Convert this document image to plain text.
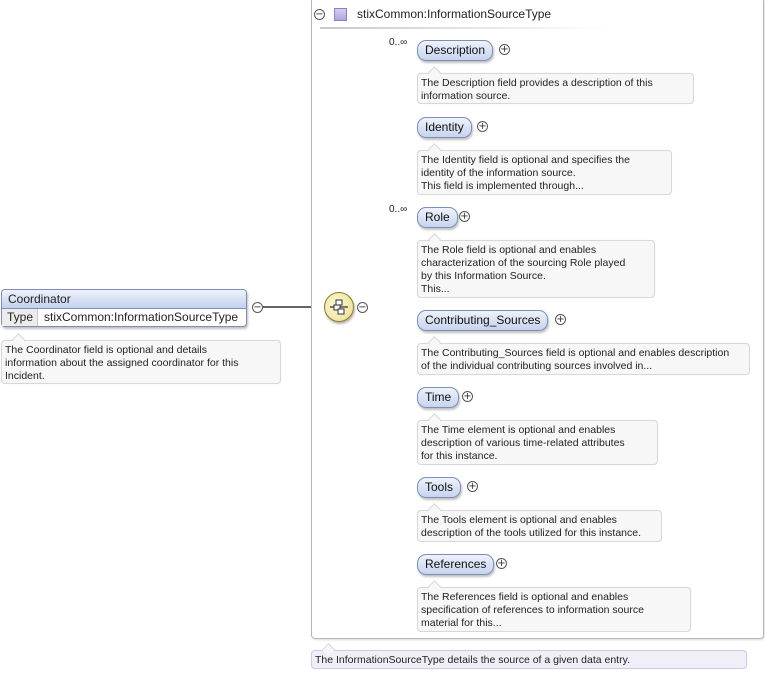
−	stixCommon:InformationSourceType
Coordinator
Type stixCommon:InformationSourceType
−
The Coordinator field is optional and details
information about the assigned coordinator for this
Incident.
−
0..∞
Description	+
The Description field provides a description of this
information source.
Identity	+
The Identity field is optional and specifies the
identity of the information source.
This field is implemented through...
0..∞
Role	+
The Role field is optional and enables
characterization of the sourcing Role played
by this Information Source.
This...
Contributing_Sources	+
The Contributing_Sources field is optional and enables description
of the individual contributing sources involved in...
Time	+
The Time element is optional and enables
description of various time-related attributes
for this instance.
Tools	+
The Tools element is optional and enables
description of the tools utilized for this instance.
References	+
The References field is optional and enables
specification of references to information source
material for this...
The InformationSourceType details the source of a given data entry.
